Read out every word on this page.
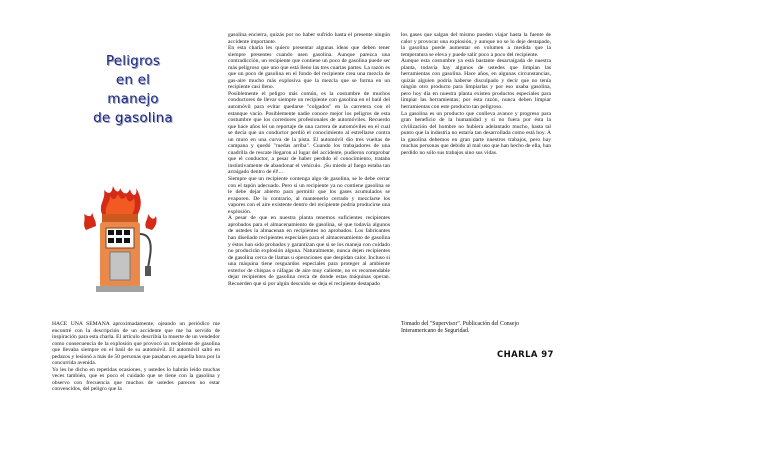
Peligros
en el
manejo
de gasolina

HACE UNA SEMANA aproximadamente, ojeando un periódico me encontré con la descripción de un accidente que me ha servido de inspiración para esta charla. El artículo describía la muerte de un vendedor como consecuencia de la explosión que provocó un recipiente de gasolina que llevaba siempre en el baúl de su automóvil. El automóvil saltó en pedazos y lesionó a más de 50 personas que pasaban en aquella hora por la concurrida avenida.

Yo les he dicho en repetidas ocasiones, y ustedes lo habrán leído muchas veces también, que es poco el cuidado que se tiene con la gasolina y observo con frecuencia que muchos de ustedes parecen no estar convencidos, del peligro que la

gasolina encierra, quizás por no haber sufrido hasta el presente ningún accidente importante.

En esta charla les quiero presentar algunas ideas que deben tener siempre presentes cuando usen gasolina. Aunque parezca una contradicción, un recipiente que contiene un poco de gasolina puede ser más peligroso que uno que está lleno las tres cuartas partes. La razón es que un poco de gasolina en el fondo del recipiente crea una mezcla de gas-aire mucho más explosiva que la mezcla que se forma en un recipiente casi lleno.

Posiblemente el peligro más común, es la costumbre de muchos conductores de llevar siempre un recipiente con gasolina en el baúl del automóvil para evitar quedarse "colgados" en la carretera con el estanque vacío. Posiblemente nadie conoce mejor los peligros de esta costumbre que los corredores profesionales de automóviles. Recuerdo que hace años leí un reportaje de una carrera de automóviles en el cual se decía que un conductor perdió el conocimiento al estrellarse contra un muro en una curva de la pista. El automóvil dio tres vueltas de campana y quedó "ruedas arriba". Cuando los trabajadores de una cuadrilla de rescate llegaron al lugar del accidente, pudieron comprobar que el conductor, a pesar de haber perdido el conocimiento, trataba instintivamente de abandonar el vehículo. ¡Su miedo al fuego estaba tan arraigado dentro de él!...

Siempre que un recipiente contenga algo de gasolina, se le debe cerrar con el tapón adecuado. Pero si un recipiente ya no contiene gasolina se le debe dejar abierto para permitir que los gases acumulados se evaporen. De lo contrario, al mantenerlo cerrado y mezclarse los vapores con el aire existente dentro del recipiente podría producirse una explosión.

A pesar de que en nuestra planta tenemos suficientes recipientes aprobados para el almacenamiento de gasolina, sé que todavía algunos de ustedes la almacenan en recipientes no aprobados. Los fabricantes han diseñado recipientes especiales para el almacenamiento de gasolina y éstos han sido probados y garantizan que si se los maneja con cuidado no producirán explosión alguna. Naturalmente, nunca dejen recipientes de gasolina cerca de llamas u operaciones que despidan calor. Incluso si una máquina tiene resguardos especiales para proteger al ambiente exterior de chispas o ráfagas de aire muy caliente, no es recomendable dejar recipientes de gasolina cerca de donde estas máquinas operan. Recuerden que si por algún descuido se deja el recipiente destapado

los gases que salgan del mismo pueden viajar hasta la fuente de calor y provocar una explosión, y aunque no se lo deje destapado, la gasolina puede aumentar en volumen a medida que la temperatura se eleva y puede salir poco a poco del recipiente.

Aunque esta costumbre ya está bastante desarraigada de nuestra planta, todavía hay algunos de ustedes que limpian las herramientas con gasolina. Hace años, en algunas circunstancias, quizás alguien podría haberse disculpado y decir que no tenía ningún otro producto para limpiarlas y por eso usaba gasolina, pero hoy día en nuestra planta existen productos especiales para limpiar las herramientas; por esta razón, nunca deben limpiar herramientas con este producto tan peligroso.

La gasolina es un producto que conlleva avance y progreso para gran beneficio de la humanidad y si no fuera por ésta la civilización del hombre no hubiera adelantado mucho, hasta tal punto que la industria no estaría tan desarrollada como está hoy. A la gasolina debemos en gran parte nuestros trabajos, pero hay muchas personas que debido al mal uso que han hecho de ella, han perdido no sólo sus trabajos sino sus vidas.

Tomado del "Supervisor". Publicación del Consejo Interamericano de Seguridad.
CHARLA 97
